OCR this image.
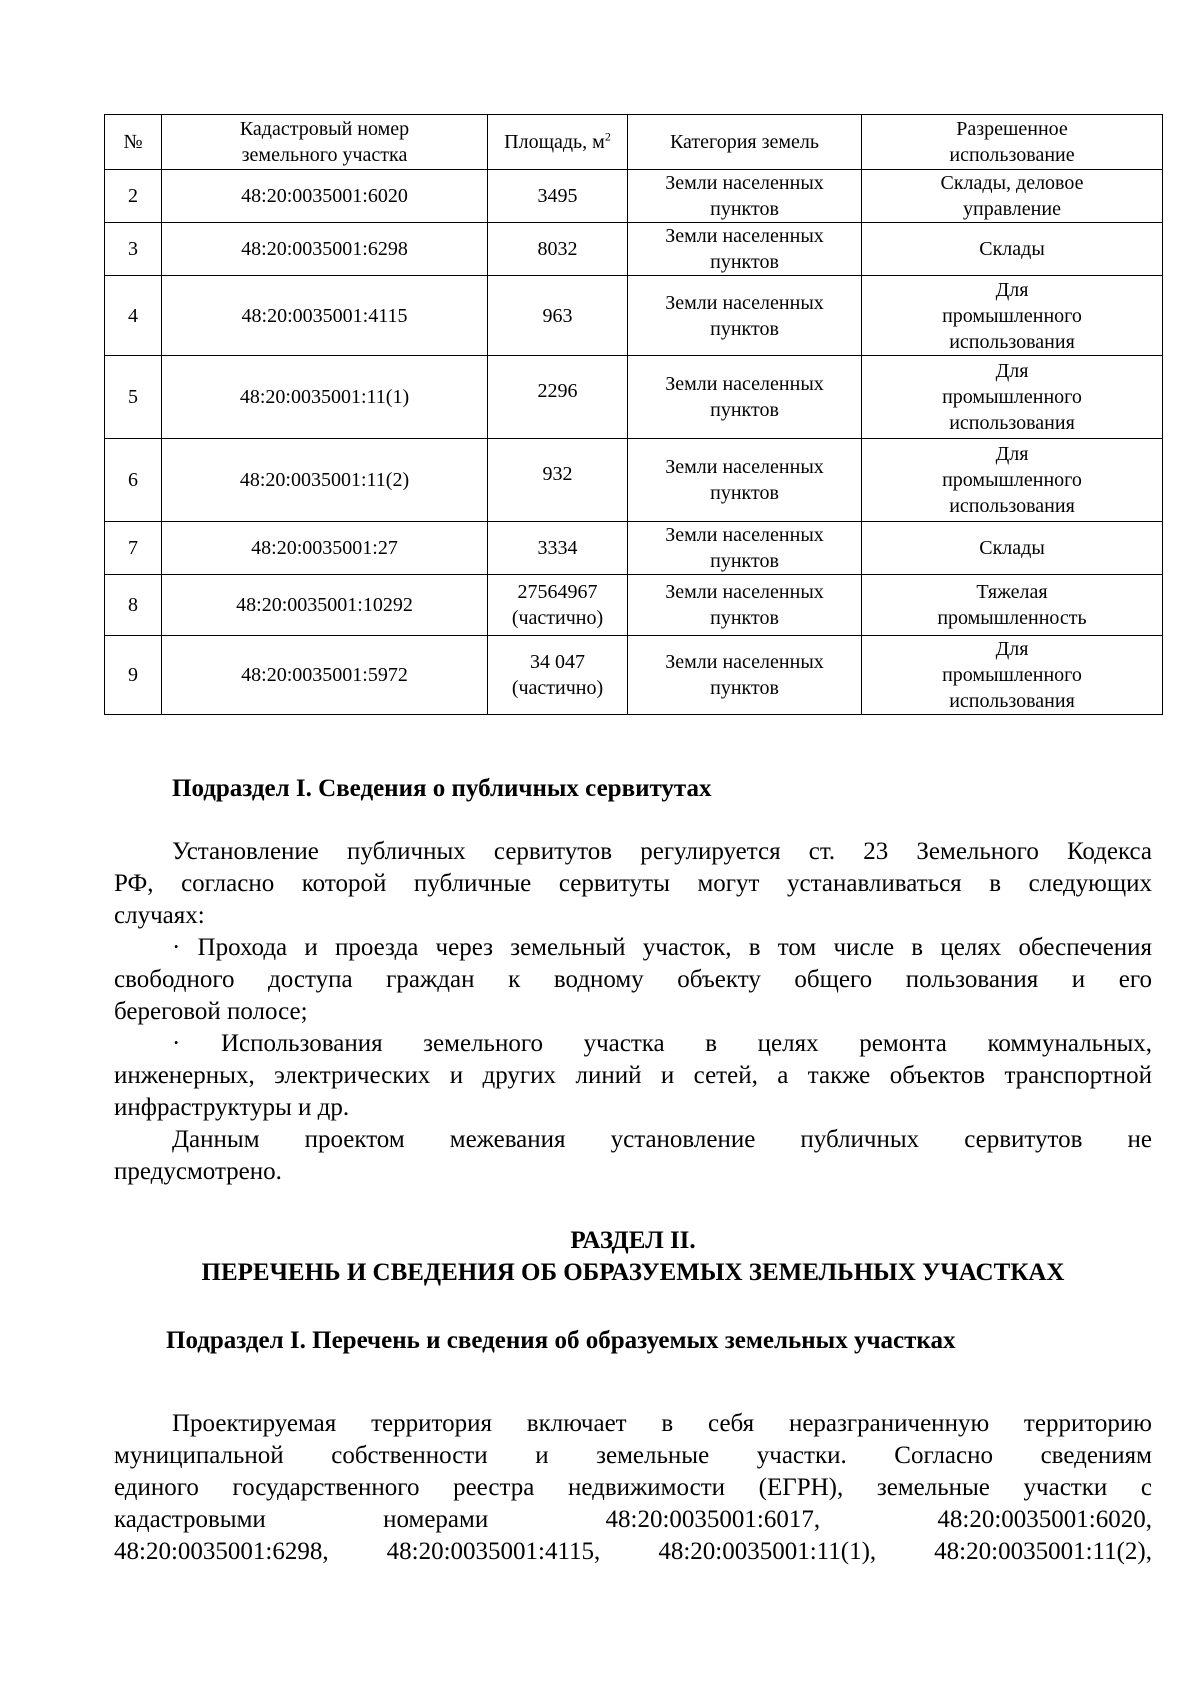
№	Кадастровый номер
земельного участка	Площадь, $м^2$	Категория земель	Разрешенное
использование
2	48:20:0035001:6020	3495	Земли населенных
пунктов	Склады, деловое
управление
3	48:20:0035001:6298	8032	Земли населенных
пунктов	Склады
4	48:20:0035001:4115	963	Земли населенных
пунктов	Для
промышленного
использования
5	48:20:0035001:11(1)	2296	Земли населенных
пунктов	Для
промышленного
использования
6	48:20:0035001:11(2)	932	Земли населенных
пунктов	Для
промышленного
использования
7	48:20:0035001:27	3334	Земли населенных
пунктов	Склады
8	48:20:0035001:10292	27564967
(частично)	Земли населенных
пунктов	Тяжелая
промышленность
9	48:20:0035001:5972	34 047
(частично)	Земли населенных
пунктов	Для
промышленного
использования
Подраздел I. Сведения о публичных сервитутах
Установление публичных сервитутов регулируется ст. 23 Земельного Кодекса
РФ, согласно которой публичные сервитуты могут устанавливаться в следующих
случаях:
· Прохода и проезда через земельный участок, в том числе в целях обеспечения
свободного доступа граждан к водному объекту общего пользования и его
береговой полосе;
· Использования земельного участка в целях ремонта коммунальных,
инженерных, электрических и других линий и сетей, а также объектов транспортной
инфраструктуры и др.
Данным проектом межевания установление публичных сервитутов не
предусмотрено.
РАЗДЕЛ II.
ПЕРЕЧЕНЬ И СВЕДЕНИЯ ОБ ОБРАЗУЕМЫХ ЗЕМЕЛЬНЫХ УЧАСТКАХ
Подраздел I. Перечень и сведения об образуемых земельных участках
Проектируемая территория включает в себя неразграниченную территорию
муниципальной собственности и земельные участки. Согласно сведениям
единого государственного реестра недвижимости (ЕГРН), земельные участки с
кадастровыми номерами 48:20:0035001:6017, 48:20:0035001:6020,
48:20:0035001:6298, 48:20:0035001:4115, 48:20:0035001:11(1), 48:20:0035001:11(2),
